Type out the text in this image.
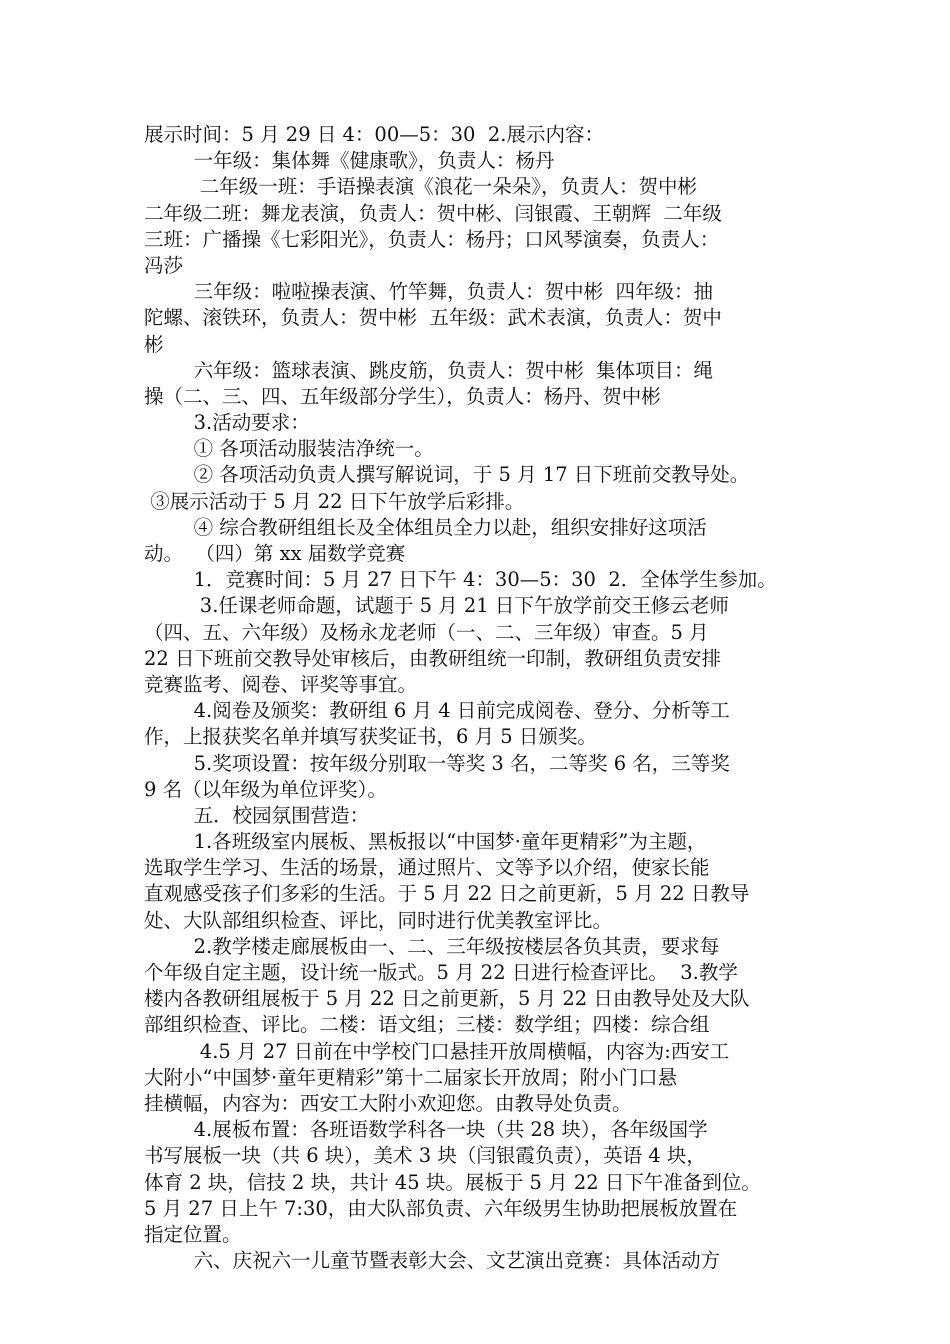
展示时间：5 月 29 日 4：00—5：30  2.展示内容：
一年级：集体舞《健康歌》，负责人：杨丹
二年级一班：手语操表演《浪花一朵朵》，负责人：贺中彬
二年级二班：舞龙表演，负责人：贺中彬、闫银霞、王朝辉  二年级
三班：广播操《七彩阳光》，负责人：杨丹；口风琴演奏，负责人：
冯莎
三年级：啦啦操表演、竹竿舞，负责人：贺中彬  四年级：抽
陀螺、滚铁环，负责人：贺中彬  五年级：武术表演，负责人：贺中
彬
六年级：篮球表演、跳皮筋，负责人：贺中彬  集体项目：绳
操（二、三、四、五年级部分学生），负责人：杨丹、贺中彬
3.活动要求：
① 各项活动服装洁净统一。
② 各项活动负责人撰写解说词，于 5 月 17 日下班前交教导处。
③展示活动于 5 月 22 日下午放学后彩排。
④ 综合教研组组长及全体组员全力以赴，组织安排好这项活
动。  （四）第 xx 届数学竞赛
1．竞赛时间：5 月 27 日下午 4：30—5：30  2．全体学生参加。
3.任课老师命题，试题于 5 月 21 日下午放学前交王修云老师
（四、五、六年级）及杨永龙老师（一、二、三年级）审查。5 月
22 日下班前交教导处审核后，由教研组统一印制，教研组负责安排
竞赛监考、阅卷、评奖等事宜。
4.阅卷及颁奖：教研组 6 月 4 日前完成阅卷、登分、分析等工
作，上报获奖名单并填写获奖证书，6 月 5 日颁奖。
5.奖项设置：按年级分别取一等奖 3 名，二等奖 6 名，三等奖
9 名（以年级为单位评奖）。
五．校园氛围营造：
1.各班级室内展板、黑板报以“中国梦·童年更精彩”为主题，
选取学生学习、生活的场景，通过照片、文等予以介绍，使家长能
直观感受孩子们多彩的生活。于 5 月 22 日之前更新，5 月 22 日教导
处、大队部组织检查、评比，同时进行优美教室评比。
2.教学楼走廊展板由一、二、三年级按楼层各负其责，要求每
个年级自定主题，设计统一版式。5 月 22 日进行检查评比。  3.教学
楼内各教研组展板于 5 月 22 日之前更新，5 月 22 日由教导处及大队
部组织检查、评比。二楼：语文组；三楼：数学组；四楼：综合组
4.5 月 27 日前在中学校门口悬挂开放周横幅，内容为:西安工
大附小“中国梦·童年更精彩”第十二届家长开放周；附小门口悬
挂横幅，内容为：西安工大附小欢迎您。由教导处负责。
4.展板布置：各班语数学科各一块（共 28 块），各年级国学
书写展板一块（共 6 块），美术 3 块（闫银霞负责），英语 4 块，
体育 2 块，信技 2 块，共计 45 块。展板于 5 月 22 日下午准备到位。
5 月 27 日上午 7:30，由大队部负责、六年级男生协助把展板放置在
指定位置。
六、庆祝六一儿童节暨表彰大会、文艺演出竞赛：具体活动方
